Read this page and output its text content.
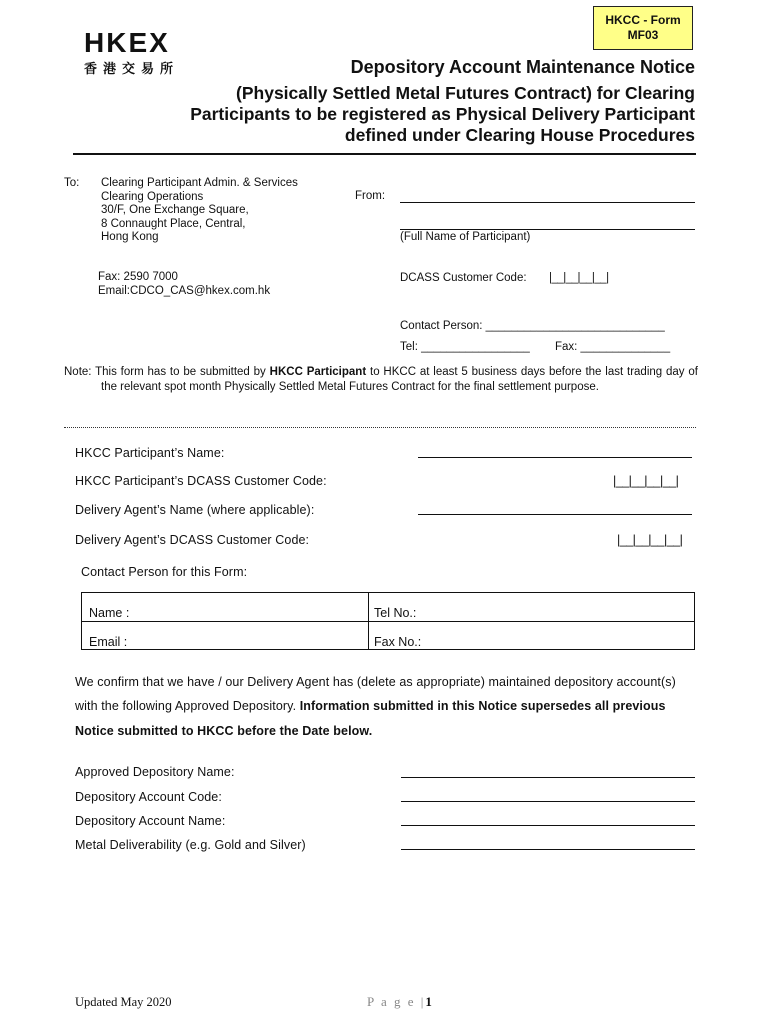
HKCC - Form
MF03
HKEX
香港交易所	Depository Account Maintenance Notice
(Physically Settled Metal Futures Contract) for Clearing
Participants to be registered as Physical Delivery Participant
defined under Clearing House Procedures
To: Clearing Participant Admin. & Services
Clearing Operations
30/F, One Exchange Square,
8 Connaught Place, Central,
Hong Kong
Fax: 2590 7000
Email:CDCO_CAS@hkex.com.hk
From:
(Full Name of Participant)
DCASS Customer Code: |__|__|__|__|
Contact Person: ____________________________
Tel: _________________ Fax: ______________
Note: This form has to be submitted by HKCC Participant to HKCC at least 5 business days before the last trading day of the relevant spot month Physically Settled Metal Futures Contract for the final settlement purpose.
HKCC Participant’s Name:
HKCC Participant’s DCASS Customer Code:	|__|__|__|__|
Delivery Agent’s Name (where applicable):
Delivery Agent’s DCASS Customer Code:	|__|__|__|__|
Contact Person for this Form:
Name :	Tel No.:
Email :	Fax No.:
We confirm that we have / our Delivery Agent has (delete as appropriate) maintained depository account(s)
with the following Approved Depository. Information submitted in this Notice supersedes all previous
Notice submitted to HKCC before the Date below.
Approved Depository Name:
Depository Account Code:
Depository Account Name:
Metal Deliverability (e.g. Gold and Silver)
Updated May 2020	P a g e |1
